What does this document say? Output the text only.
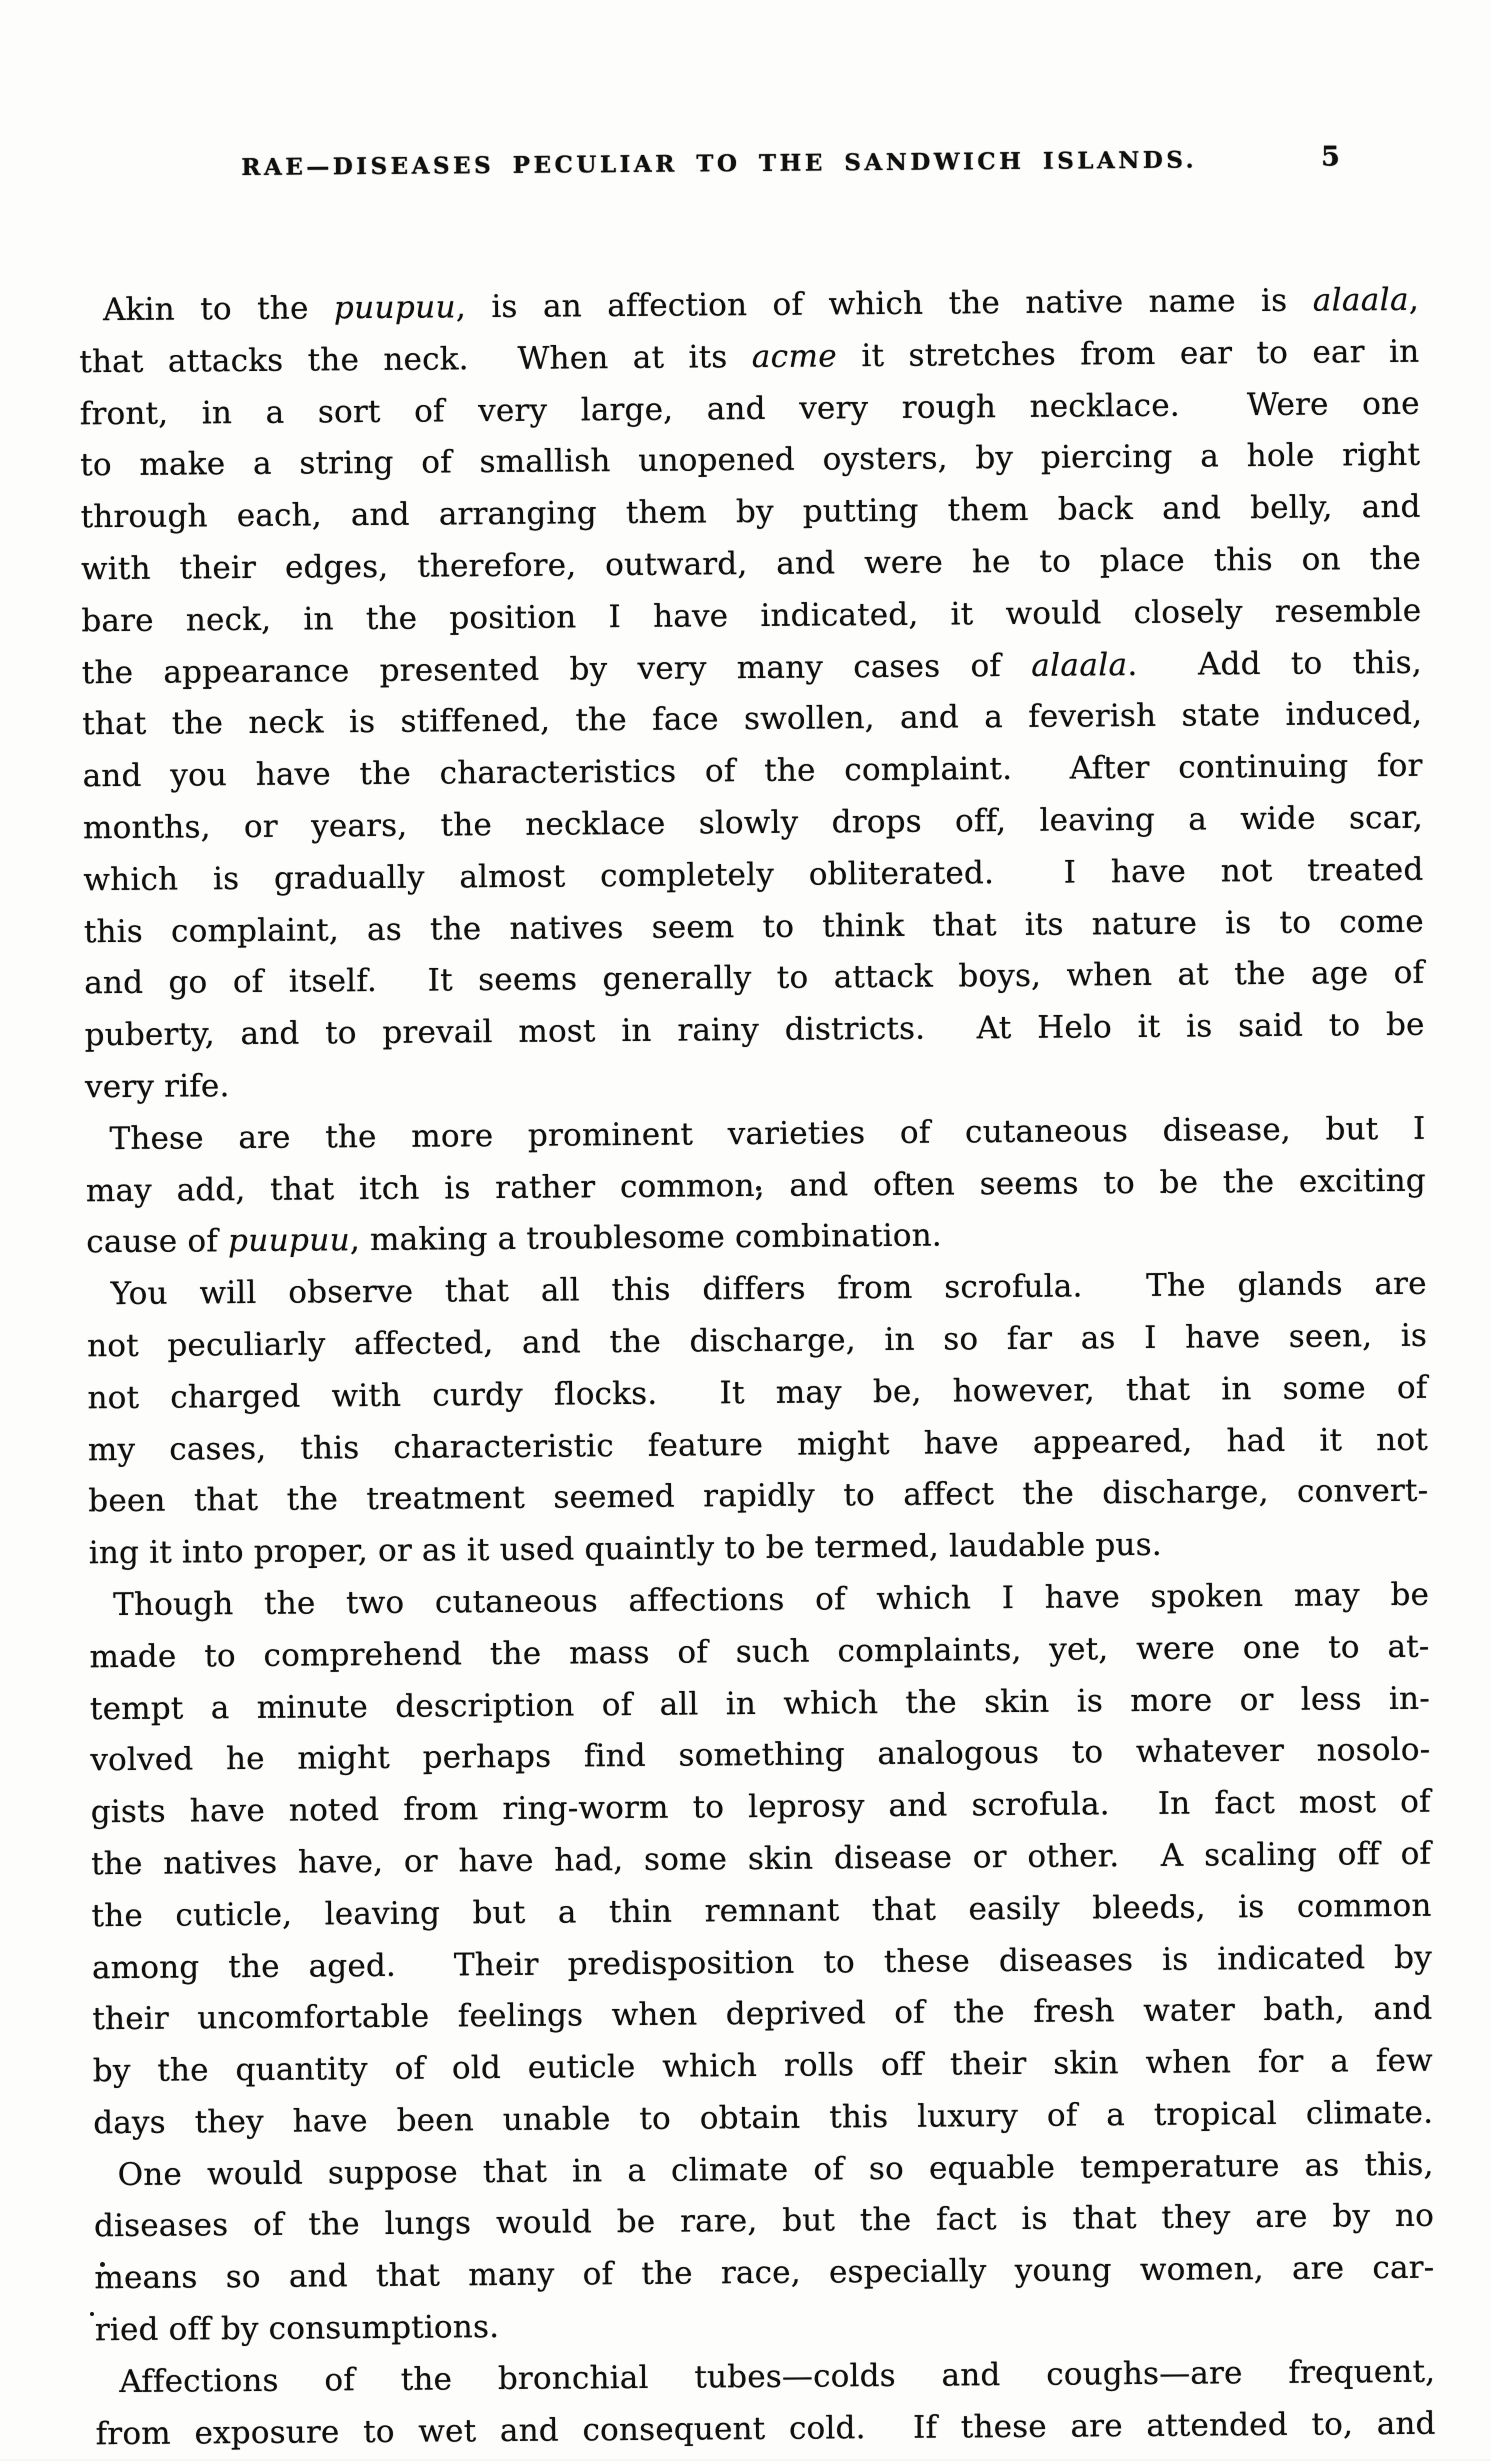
RAE—DISEASES PECULIAR TO THE SANDWICH ISLANDS.	5
Akin to the puupuu, is an affection of which the native name is alaala,
that attacks the neck.  When at its acme it stretches from ear to ear in
front, in a sort of very large, and very rough necklace.  Were one
to make a string of smallish unopened oysters, by piercing a hole right
through each, and arranging them by putting them back and belly, and
with their edges, therefore, outward, and were he to place this on the
bare neck, in the position I have indicated, it would closely resemble
the appearance presented by very many cases of alaala.  Add to this,
that the neck is stiffened, the face swollen, and a feverish state induced,
and you have the characteristics of the complaint.  After continuing for
months, or years, the necklace slowly drops off, leaving a wide scar,
which is gradually almost completely obliterated.  I have not treated
this complaint, as the natives seem to think that its nature is to come
and go of itself.  It seems generally to attack boys, when at the age of
puberty, and to prevail most in rainy districts.  At Helo it is said to be
very rife.
These are the more prominent varieties of cutaneous disease, but I
may add, that itch is rather common, and often seems to be the exciting
cause of puupuu, making a troublesome combination.
You will observe that all this differs from scrofula.  The glands are
not peculiarly affected, and the discharge, in so far as I have seen, is
not charged with curdy flocks.  It may be, however, that in some of
my cases, this characteristic feature might have appeared, had it not
been that the treatment seemed rapidly to affect the discharge, convert-
ing it into proper, or as it used quaintly to be termed, laudable pus.
Though the two cutaneous affections of which I have spoken may be
made to comprehend the mass of such complaints, yet, were one to at-
tempt a minute description of all in which the skin is more or less in-
volved he might perhaps find something analogous to whatever nosolo-
gists have noted from ring-worm to leprosy and scrofula.  In fact most of
the natives have, or have had, some skin disease or other.  A scaling off of
the cuticle, leaving but a thin remnant that easily bleeds, is common
among the aged.  Their predisposition to these diseases is indicated by
their uncomfortable feelings when deprived of the fresh water bath, and
by the quantity of old euticle which rolls off their skin when for a few
days they have been unable to obtain this luxury of a tropical climate.
One would suppose that in a climate of so equable temperature as this,
diseases of the lungs would be rare, but the fact is that they are by no
means so and that many of the race, especially young women, are car-
ried off by consumptions.
Affections of the bronchial tubes—colds and coughs—are frequent,
from exposure to wet and consequent cold.  If these are attended to, and
